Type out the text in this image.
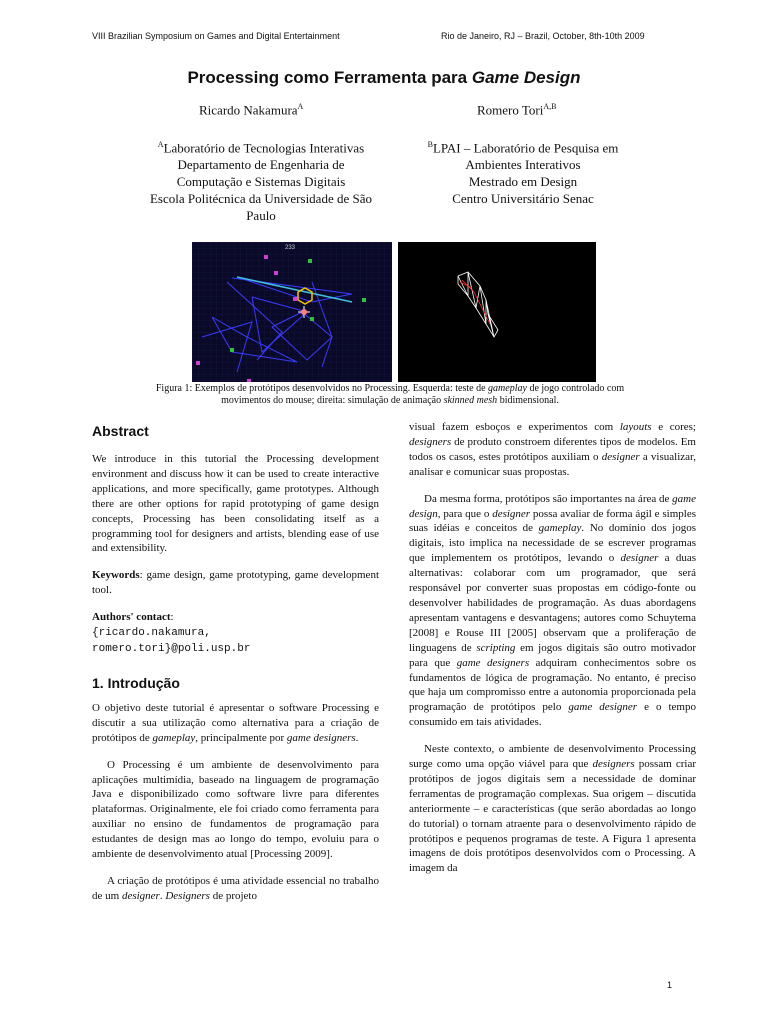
VIII Brazilian Symposium on Games and Digital Entertainment	Rio de Janeiro, RJ – Brazil, October, 8th-10th 2009
Processing como Ferramenta para Game Design
Ricardo Nakamura$^A$	Romero Tori$^{A,B}$
$^A$Laboratório de Tecnologias Interativas
Departamento de Engenharia de
Computação e Sistemas Digitais
Escola Politécnica da Universidade de São
Paulo
$^B$LPAI – Laboratório de Pesquisa em
Ambientes Interativos
Mestrado em Design
Centro Universitário Senac
233
Figura 1: Exemplos de protótipos desenvolvidos no Processing. Esquerda: teste de gameplay de jogo controlado com movimentos do mouse; direita: simulação de animação skinned mesh bidimensional.
Abstract

We introduce in this tutorial the Processing development environment and discuss how it can be used to create interactive applications, and more specifically, game prototypes. Although there are other options for rapid prototyping of game design concepts, Processing has been consolidating itself as a programming tool for designers and artists, blending ease of use and extensibility.

Keywords: game design, game prototyping, game development tool.

Authors' contact:
{ricardo.nakamura,
romero.tori}@poli.usp.br

O objetivo deste tutorial é apresentar o software Processing e discutir a sua utilização como alternativa para a criação de protótipos de gameplay, principalmente por game designers.

O Processing é um ambiente de desenvolvimento para aplicações multimídia, baseado na linguagem de programação Java e disponibilizado como software livre para diferentes plataformas. Originalmente, ele foi criado como ferramenta para auxiliar no ensino de fundamentos de programação para estudantes de design mas ao longo do tempo, evoluiu para o ambiente de desenvolvimento atual [Processing 2009].

A criação de protótipos é uma atividade essencial no trabalho de um designer. Designers de projeto

1. Introdução

visual fazem esboços e experimentos com layouts e cores; designers de produto constroem diferentes tipos de modelos. Em todos os casos, estes protótipos auxiliam o designer a visualizar, analisar e comunicar suas propostas.

Da mesma forma, protótipos são importantes na área de game design, para que o designer possa avaliar de forma ágil e simples suas idéias e conceitos de gameplay. No domínio dos jogos digitais, isto implica na necessidade de se escrever programas que implementem os protótipos, levando o designer a duas alternativas: colaborar com um programador, que será responsável por converter suas propostas em código-fonte ou desenvolver habilidades de programação. As duas abordagens apresentam vantagens e desvantagens; autores como Schuytema [2008] e Rouse III [2005] observam que a proliferação de linguagens de scripting em jogos digitais são outro motivador para que game designers adquiram conhecimentos sobre os fundamentos de lógica de programação. No entanto, é preciso que haja um compromisso entre a autonomia proporcionada pela programação de protótipos pelo game designer e o tempo consumido em tais atividades.

Neste contexto, o ambiente de desenvolvimento Processing surge como uma opção viável para que designers possam criar protótipos de jogos digitais sem a necessidade de dominar ferramentas de programação complexas. Sua origem – discutida anteriormente – e características (que serão abordadas ao longo do tutorial) o tornam atraente para o desenvolvimento rápido de protótipos e pequenos programas de teste. A Figura 1 apresenta imagens de dois protótipos desenvolvidos com o Processing. A imagem da

1
